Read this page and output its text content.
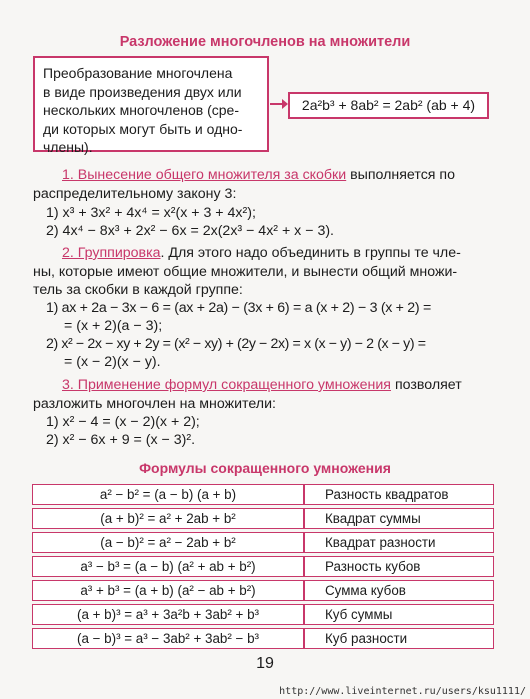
Разложение многочленов на множители
Преобразование многочлена
в виде произведения двух или
нескольких многочленов (сре-
ди которых могут быть и одно-
члены).
2a²b³ + 8ab² = 2ab² (ab + 4)
1. Вынесение общего множителя за скобки выполняется по
распределительному закону 3:
1) x³ + 3x² + 4x⁴ = x²(x + 3 + 4x²);
2) 4x⁴ − 8x³ + 2x² − 6x = 2x(2x³ − 4x² + x − 3).
2. Группировка. Для этого надо объединить в группы те чле-
ны, которые имеют общие множители, и вынести общий множи-
тель за скобки в каждой группе:
1) ax + 2a − 3x − 6 = (ax + 2a) − (3x + 6) = a (x + 2) − 3 (x + 2) =
= (x + 2)(a − 3);
2) x² − 2x − xy + 2y = (x² − xy) + (2y − 2x) = x (x − y) − 2 (x − y) =
= (x − 2)(x − y).
3. Применение формул сокращенного умножения позволяет
разложить многочлен на множители:
1) x² − 4 = (x − 2)(x + 2);
2) x² − 6x + 9 = (x − 3)².
Формулы сокращенного умножения
a² − b² = (a − b) (a + b)	Разность квадратов
(a + b)² = a² + 2ab + b²	Квадрат суммы
(a − b)² = a² − 2ab + b²	Квадрат разности
a³ − b³ = (a − b) (a² + ab + b²)	Разность кубов
a³ + b³ = (a + b) (a² − ab + b²)	Сумма кубов
(a + b)³ = a³ + 3a²b + 3ab² + b³	Куб суммы
(a − b)³ = a³ − 3ab² + 3ab² − b³	Куб разности
19
http://www.liveinternet.ru/users/ksu1111/
